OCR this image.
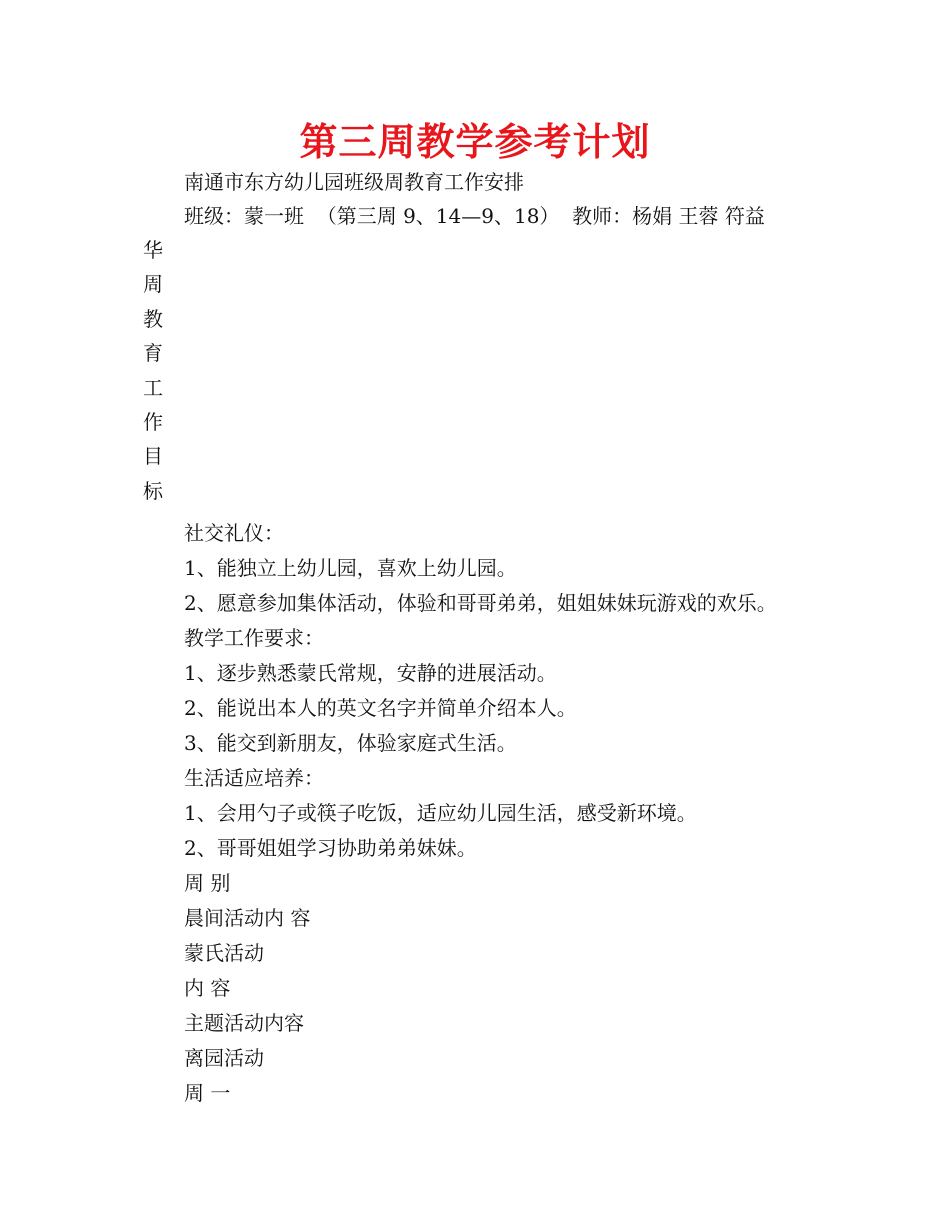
第三周教学参考计划
南通市东方幼儿园班级周教育工作安排
班级：蒙一班  （第三周 9、14—9、18）  教师：杨娟 王蓉 符益
华
周
教
育
工
作
目
标
社交礼仪：
1、能独立上幼儿园，喜欢上幼儿园。
2、愿意参加集体活动，体验和哥哥弟弟，姐姐妹妹玩游戏的欢乐。
教学工作要求：
1、逐步熟悉蒙氏常规，安静的进展活动。
2、能说出本人的英文名字并简单介绍本人。
3、能交到新朋友，体验家庭式生活。
生活适应培养：
1、会用勺子或筷子吃饭，适应幼儿园生活，感受新环境。
2、哥哥姐姐学习协助弟弟妹妹。
周 别
晨间活动内 容
蒙氏活动
内 容
主题活动内容
离园活动
周 一
